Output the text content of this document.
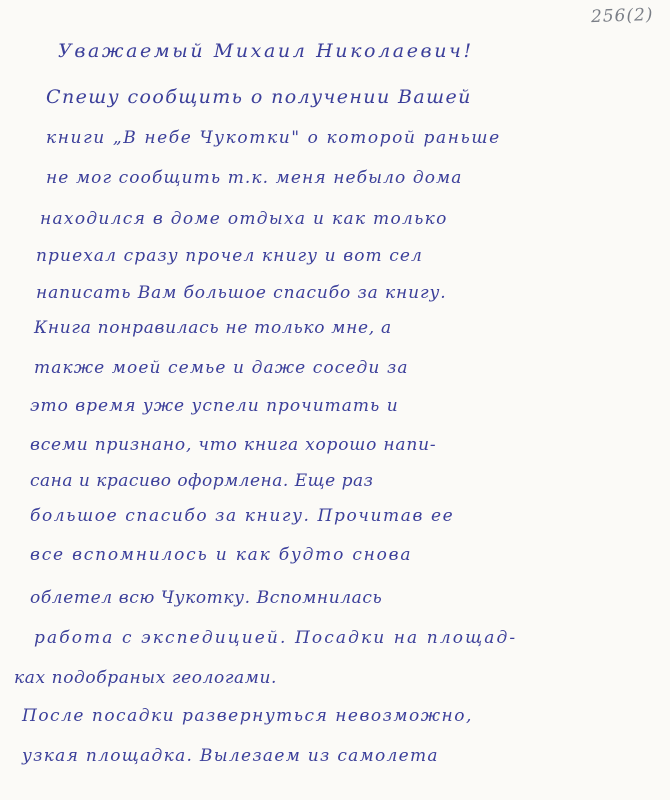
256(2)
Уважаемый Михаил Николаевич!
Спешу сообщить о получении Вашей
книги „В небе Чукотки" о которой раньше
не мог сообщить т.к. меня небыло дома
находился в доме отдыха и как только
приехал сразу прочел книгу и вот сел
написать Вам большое спасибо за книгу.
Книга понравилась не только мне, а
также моей семье и даже соседи за
это время уже успели прочитать и
всеми признано, что книга хорошо напи-
сана и красиво оформлена. Еще раз
большое спасибо за книгу. Прочитав ее
все вспомнилось и как будто снова
облетел всю Чукотку. Вспомнилась
работа с экспедицией. Посадки на площад-
ках подобраных геологами.
После посадки развернуться невозможно,
узкая площадка. Вылезаем из самолета
